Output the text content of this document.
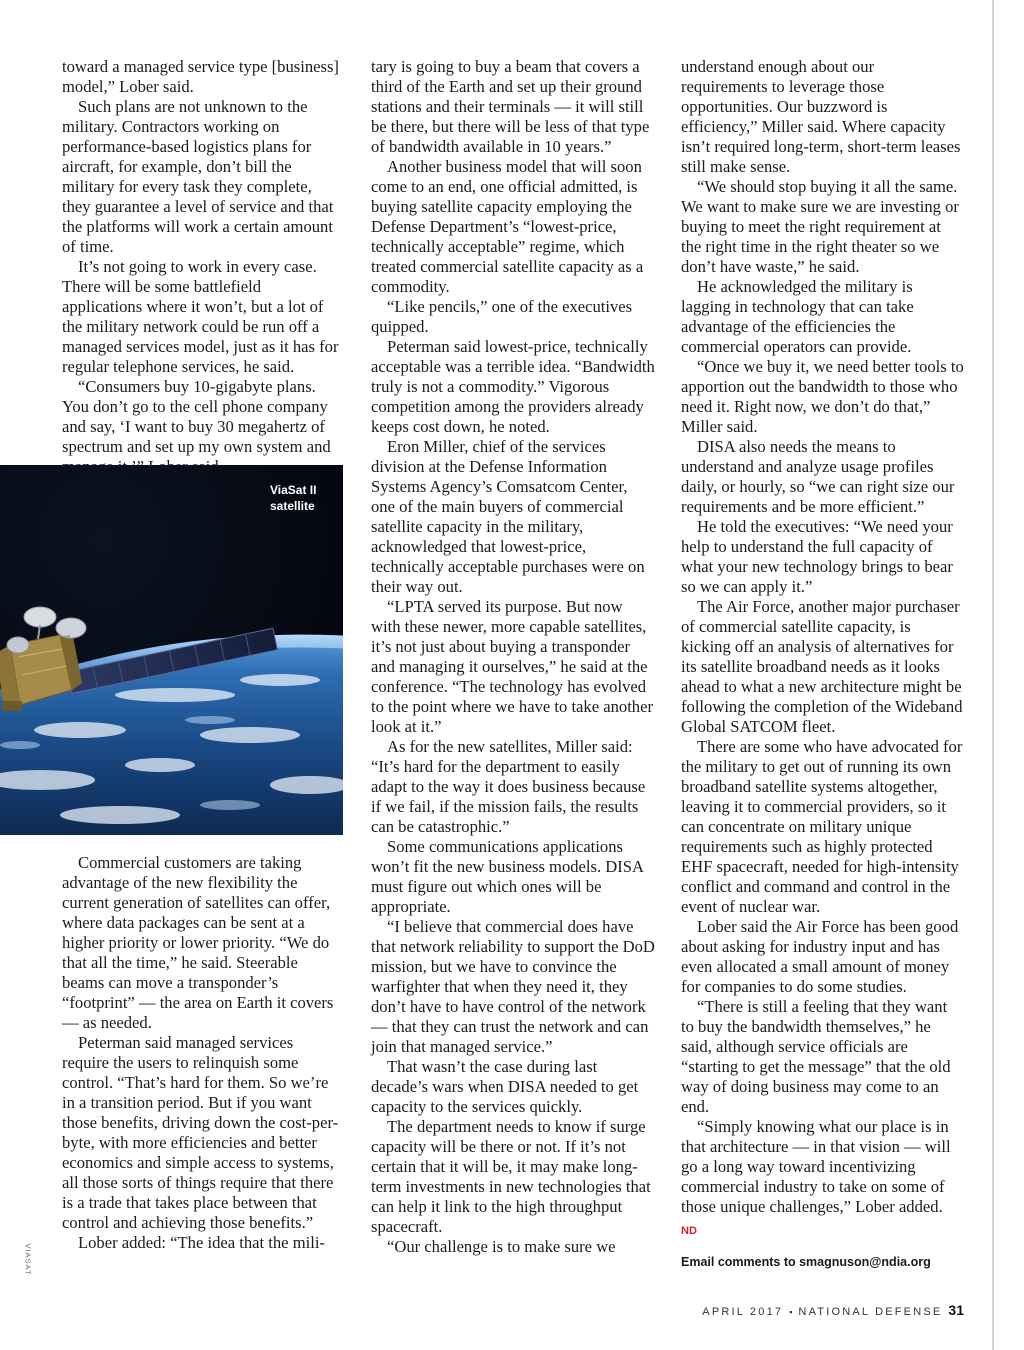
toward a managed service type [business] model,” Lober said.

Such plans are not unknown to the military. Contractors working on performance-based logistics plans for aircraft, for example, don’t bill the military for every task they complete, they guarantee a level of service and that the platforms will work a certain amount of time.

It’s not going to work in every case. There will be some battlefield applications where it won’t, but a lot of the military network could be run off a managed services model, just as it has for regular telephone services, he said.

“Consumers buy 10-gigabyte plans. You don’t go to the cell phone company and say, ‘I want to buy 30 megahertz of spectrum and set up my own system and

ViaSat II
satellite

Commercial customers are taking advantage of the new flexibility the current generation of satellites can offer, where data packages can be sent at a higher priority or lower priority. “We do that all the time,” he said. Steerable beams can move a transponder’s “footprint” — the area on Earth it covers — as needed.

Peterman said managed services require the users to relinquish some control. “That’s hard for them. So we’re in a transition period. But if you want those benefits, driving down the cost-per-byte, with more efficiencies and better economics and simple access to systems, all those sorts of things require that there is a trade that takes place between that control and achieving those benefits.”

Lober added: “The idea that the mili-

tary is going to buy a beam that covers a third of the Earth and set up their ground stations and their terminals — it will still be there, but there will be less of that type of bandwidth available in 10 years.”

Another business model that will soon come to an end, one official admitted, is buying satellite capacity employing the Defense Department’s “lowest-price, technically acceptable” regime, which treated commercial satellite capacity as a commodity.

“Like pencils,” one of the executives quipped.

Peterman said lowest-price, technically acceptable was a terrible idea. “Bandwidth truly is not a commodity.” Vigorous competition among the providers already keeps cost down, he noted.

Eron Miller, chief of the services division at the Defense Information Systems Agency’s Comsatcom Center, one of the main buyers of commercial satellite capacity in the military, acknowledged that lowest-price, technically acceptable purchases were on their way out.

“LPTA served its purpose. But now with these newer, more capable satellites, it’s not just about buying a transponder and managing it ourselves,” he said at the conference. “The technology has evolved to the point where we have to take another look at it.”

As for the new satellites, Miller said: “It’s hard for the department to easily adapt to the way it does business because if we fail, if the mission fails, the results can be catastrophic.”

Some communications applications won’t fit the new business models. DISA must figure out which ones will be appropriate.

“I believe that commercial does have that network reliability to support the DoD mission, but we have to convince the warfighter that when they need it, they don’t have to have control of the network — that they can trust the network and can join that managed service.”

That wasn’t the case during last decade’s wars when DISA needed to get capacity to the services quickly.

The department needs to know if surge capacity will be there or not. If it’s not certain that it will be, it may make long-term investments in new technologies that can help it link to the high throughput spacecraft.

“Our challenge is to make sure we

understand enough about our requirements to leverage those opportunities. Our buzzword is efficiency,” Miller said. Where capacity isn’t required long-term, short-term leases still make sense.

“We should stop buying it all the same. We want to make sure we are investing or buying to meet the right requirement at the right time in the right theater so we don’t have waste,” he said.

He acknowledged the military is lagging in technology that can take advantage of the efficiencies the commercial operators can provide.

“Once we buy it, we need better tools to apportion out the bandwidth to those who need it. Right now, we don’t do that,” Miller said.

DISA also needs the means to understand and analyze usage profiles daily, or hourly, so “we can right size our requirements and be more efficient.”

He told the executives: “We need your help to understand the full capacity of what your new technology brings to bear so we can apply it.”

The Air Force, another major purchaser of commercial satellite capacity, is kicking off an analysis of alternatives for its satellite broadband needs as it looks ahead to what a new architecture might be following the completion of the Wideband Global SATCOM fleet.

There are some who have advocated for the military to get out of running its own broadband satellite systems altogether, leaving it to commercial providers, so it can concentrate on military unique requirements such as highly protected EHF spacecraft, needed for high-intensity conflict and command and control in the event of nuclear war.

Lober said the Air Force has been good about asking for industry input and has even allocated a small amount of money for companies to do some studies.

“There is still a feeling that they want to buy the bandwidth themselves,” he said, although service officials are “starting to get the message” that the old way of doing business may come to an end.

“Simply knowing what our place is in that architecture — in that vision — will go a long way toward incentivizing commercial industry to take on some of those unique challenges,” Lober added.

ND
Email comments to smagnuson@ndia.org
VIASAT
APRIL 2017 ▪ NATIONAL DEFENSE 31
